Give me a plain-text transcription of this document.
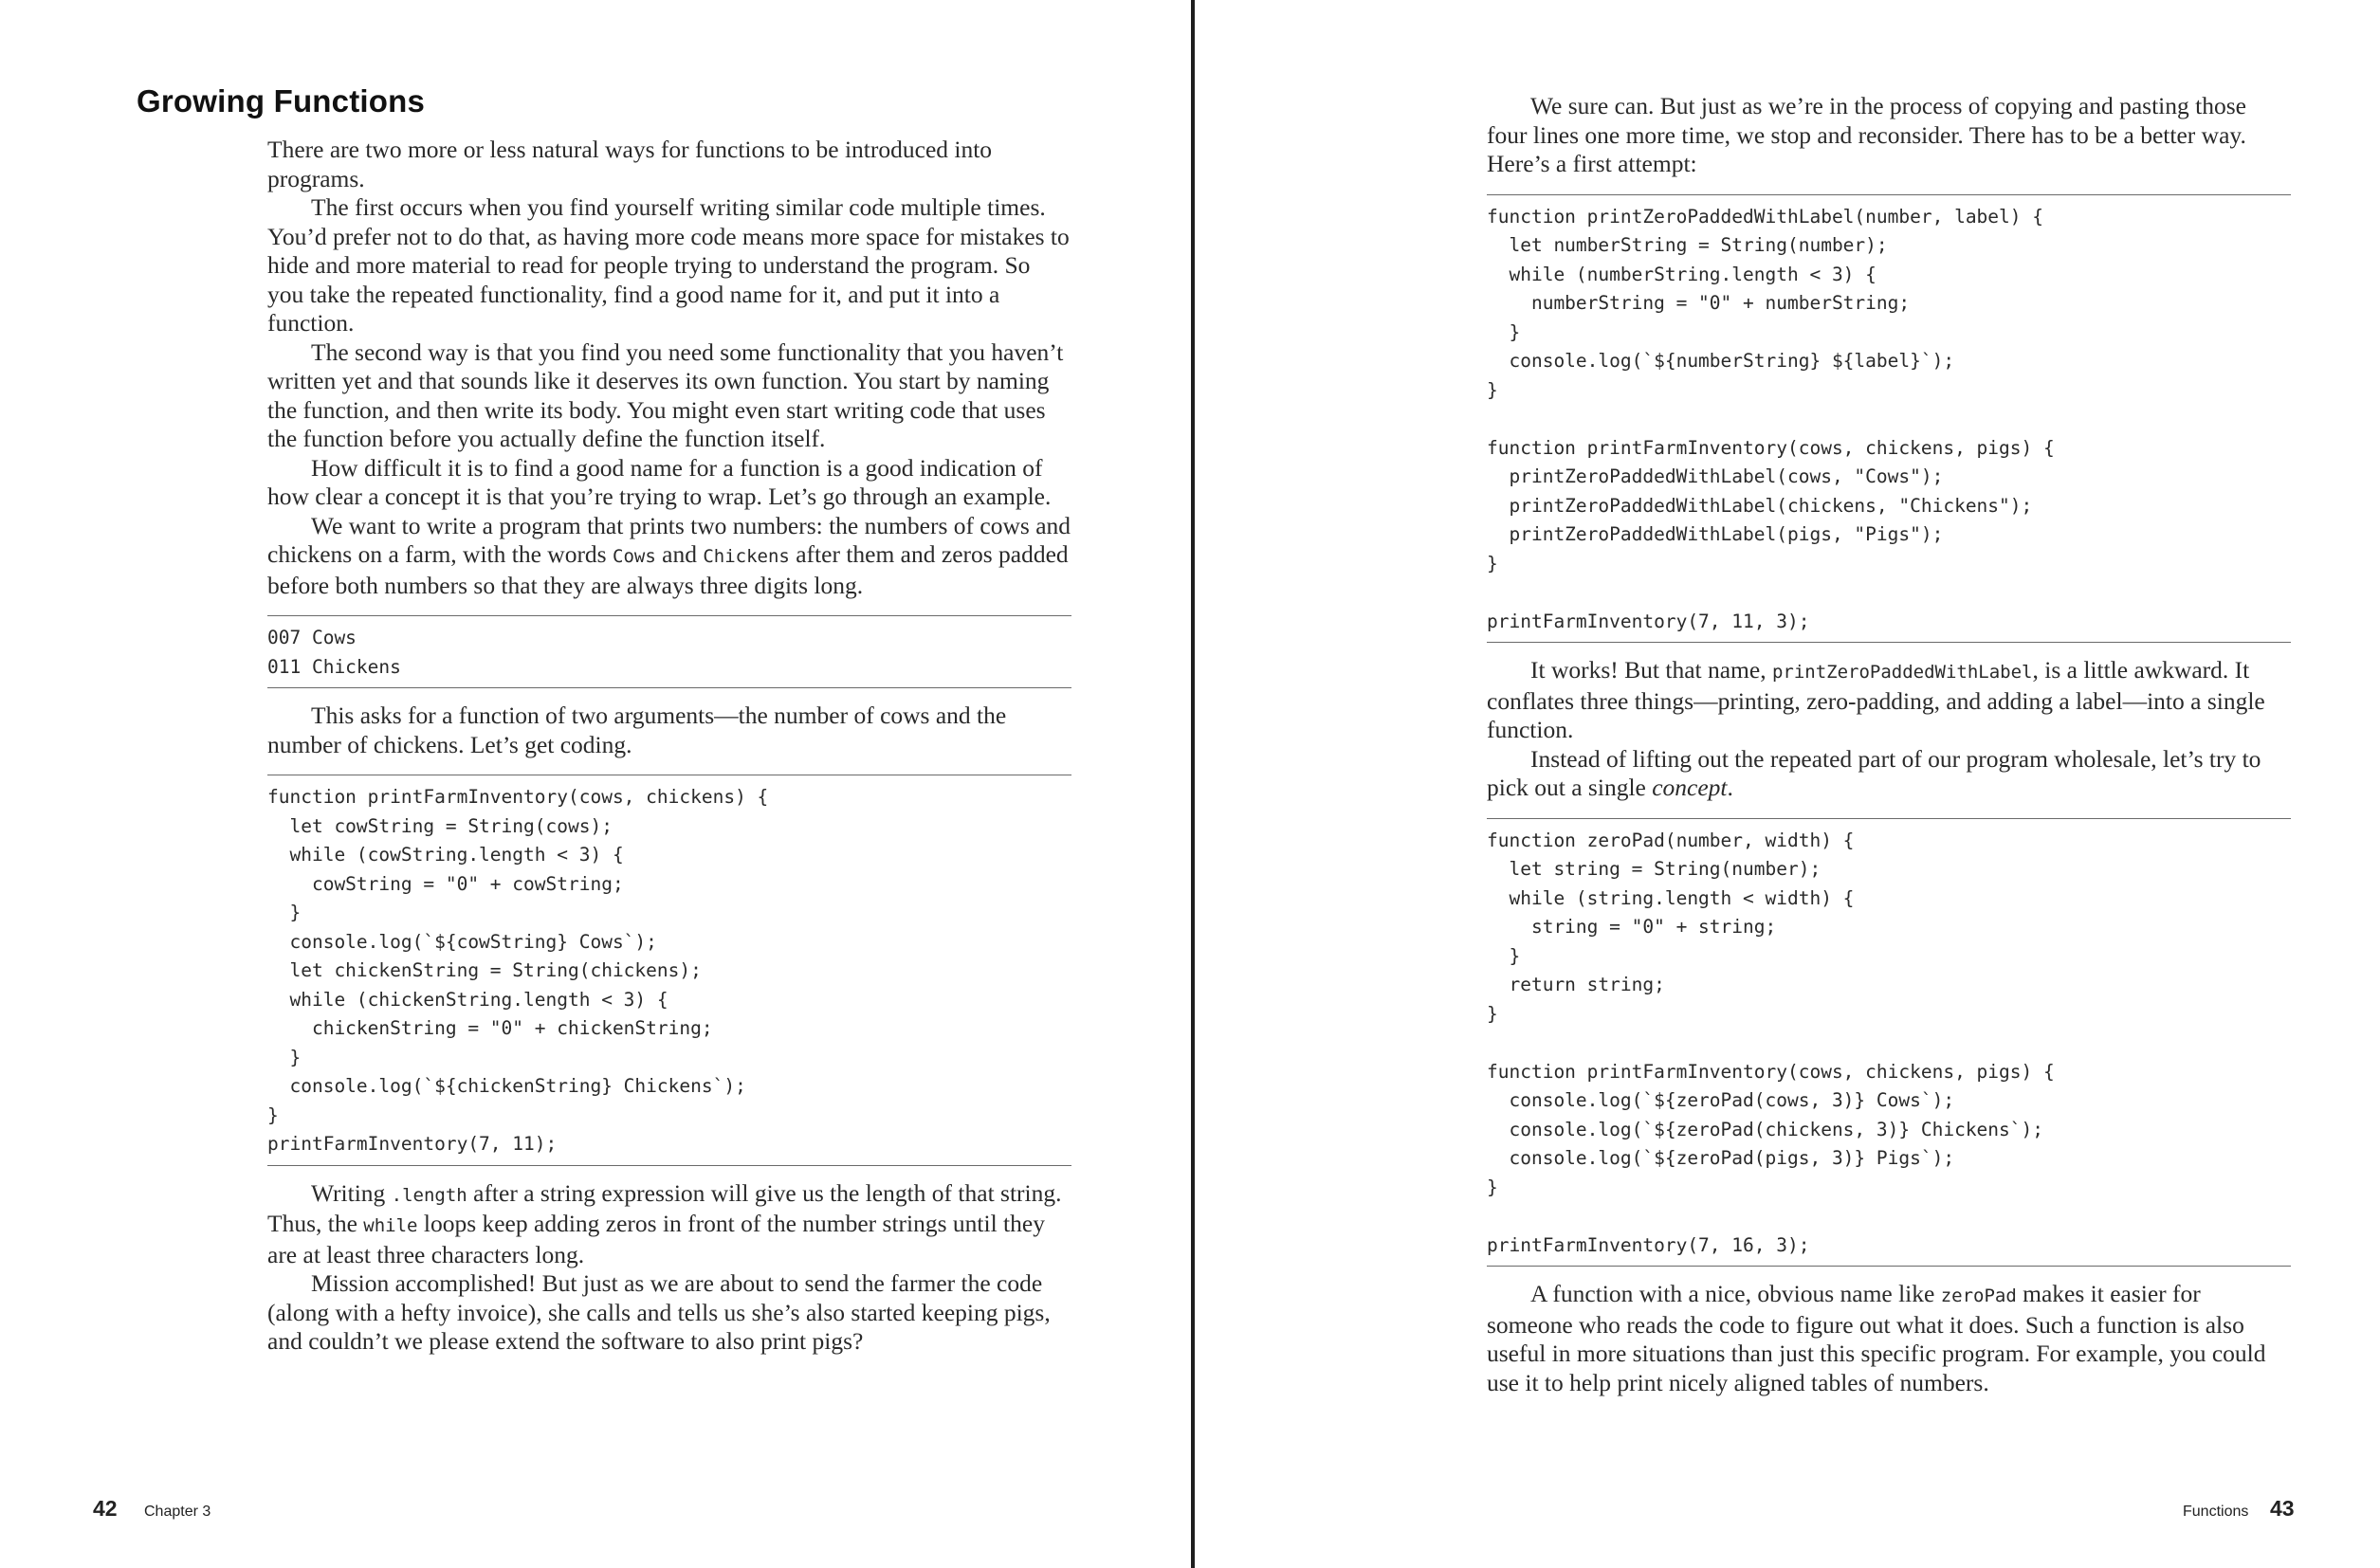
Growing Functions

There are two more or less natural ways for functions to be introduced into programs.

The first occurs when you find yourself writing similar code multiple times. You’d prefer not to do that, as having more code means more space for mistakes to hide and more material to read for people trying to understand the program. So you take the repeated functionality, find a good name for it, and put it into a function.

The second way is that you find you need some functionality that you haven’t written yet and that sounds like it deserves its own function. You start by naming the function, and then write its body. You might even start writing code that uses the function before you actually define the function itself.

How difficult it is to find a good name for a function is a good indication of how clear a concept it is that you’re trying to wrap. Let’s go through an example.

We want to write a program that prints two numbers: the numbers of cows and chickens on a farm, with the words Cows and Chickens after them and zeros padded before both numbers so that they are always three digits long.

007 Cows
011 Chickens

This asks for a function of two arguments—the number of cows and the number of chickens. Let’s get coding.

function printFarmInventory(cows, chickens) {
let cowString = String(cows);
while (cowString.length < 3) {
cowString = "0" + cowString;
}
console.log(`${cowString} Cows`);
let chickenString = String(chickens);
while (chickenString.length < 3) {
chickenString = "0" + chickenString;
}
console.log(`${chickenString} Chickens`);
}
printFarmInventory(7, 11);

Writing .length after a string expression will give us the length of that string. Thus, the while loops keep adding zeros in front of the number strings until they are at least three characters long.

Mission accomplished! But just as we are about to send the farmer the code (along with a hefty invoice), she calls and tells us she’s also started keeping pigs, and couldn’t we please extend the software to also print pigs?

42 Chapter 3

We sure can. But just as we’re in the process of copying and pasting those four lines one more time, we stop and reconsider. There has to be a better way. Here’s a first attempt:

function printZeroPaddedWithLabel(number, label) {
let numberString = String(number);
while (numberString.length < 3) {
numberString = "0" + numberString;
}
console.log(`${numberString} ${label}`);
}

function printFarmInventory(cows, chickens, pigs) {
printZeroPaddedWithLabel(cows, "Cows");
printZeroPaddedWithLabel(chickens, "Chickens");
printZeroPaddedWithLabel(pigs, "Pigs");
}

printFarmInventory(7, 11, 3);

It works! But that name, printZeroPaddedWithLabel, is a little awkward. It conflates three things—printing, zero-padding, and adding a label—into a single function.

Instead of lifting out the repeated part of our program wholesale, let’s try to pick out a single concept.

function zeroPad(number, width) {
let string = String(number);
while (string.length < width) {
string = "0" + string;
}
return string;
}

function printFarmInventory(cows, chickens, pigs) {
console.log(`${zeroPad(cows, 3)} Cows`);
console.log(`${zeroPad(chickens, 3)} Chickens`);
console.log(`${zeroPad(pigs, 3)} Pigs`);
}

printFarmInventory(7, 16, 3);

A function with a nice, obvious name like zeroPad makes it easier for someone who reads the code to figure out what it does. Such a function is also useful in more situations than just this specific program. For example, you could use it to help print nicely aligned tables of numbers.

Functions 43
